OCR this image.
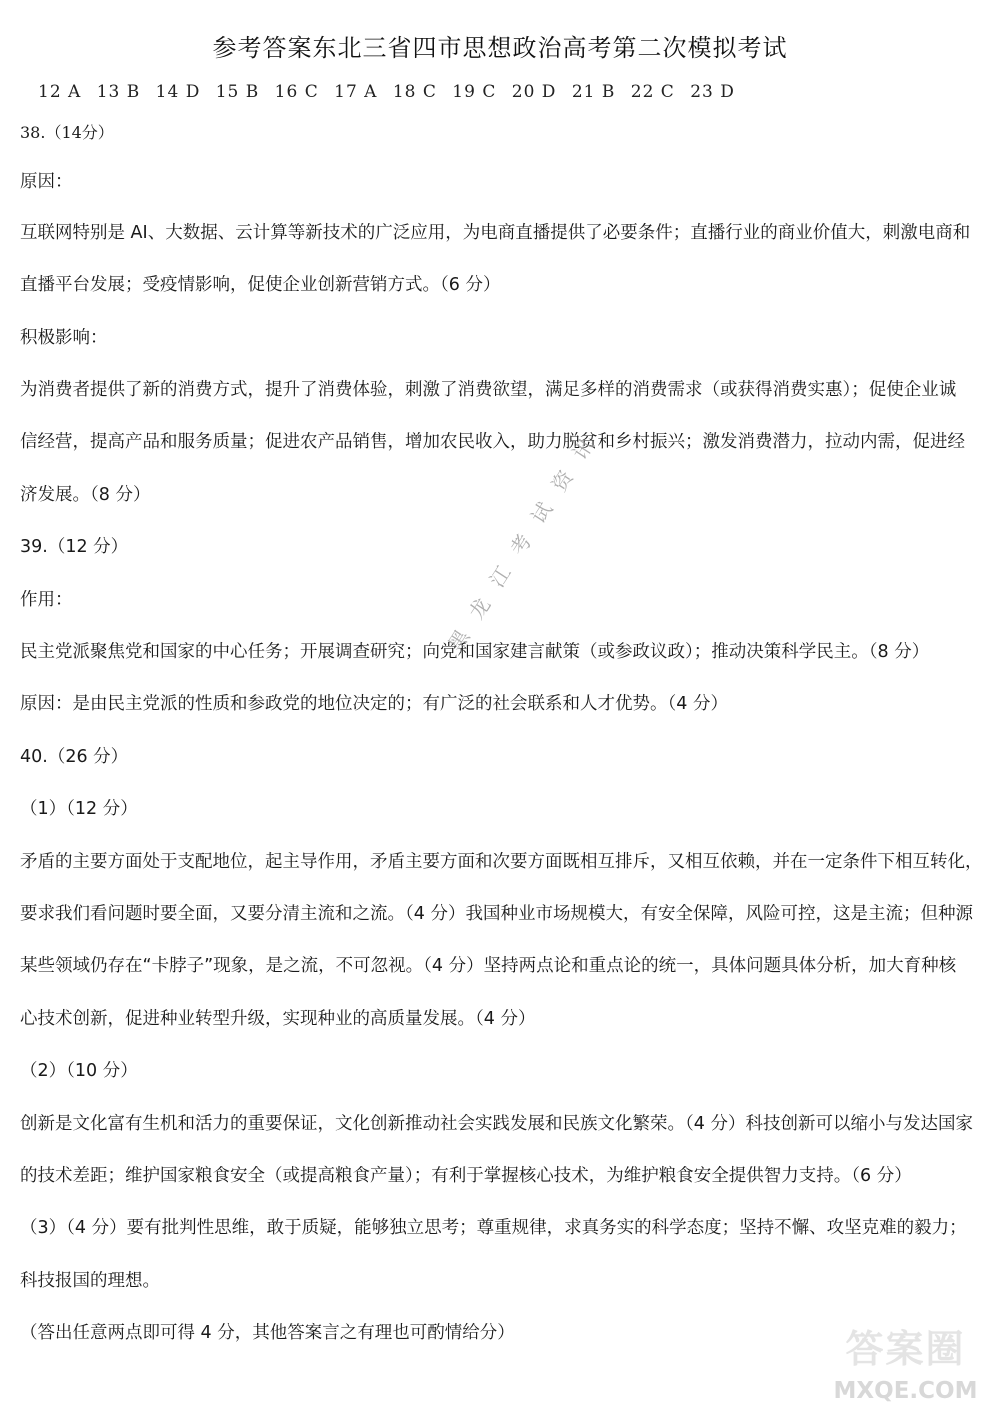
参考答案东北三省四市思想政治高考第二次模拟考试
12 A 13 B 14 D 15 B 16 C 17 A 18 C 19 C 20 D 21 B 22 C 23 D
38.（14分）
原因：
互联网特别是 AI、大数据、云计算等新技术的广泛应用，为电商直播提供了必要条件；直播行业的商业价值大，刺激电商和
直播平台发展；受疫情影响，促使企业创新营销方式。（6 分）
积极影响：
为消费者提供了新的消费方式，提升了消费体验，刺激了消费欲望，满足多样的消费需求（或获得消费实惠）；促使企业诚
信经营，提高产品和服务质量；促进农产品销售，增加农民收入，助力脱贫和乡村振兴；激发消费潜力，拉动内需，促进经
济发展。（8 分）
39.（12 分）
作用：
民主党派聚焦党和国家的中心任务；开展调查研究；向党和国家建言献策（或参政议政）；推动决策科学民主。（8 分）
原因：是由民主党派的性质和参政党的地位决定的；有广泛的社会联系和人才优势。（4 分）
40.（26 分）
（1）（12 分）
矛盾的主要方面处于支配地位，起主导作用，矛盾主要方面和次要方面既相互排斥，又相互依赖，并在一定条件下相互转化，
要求我们看问题时要全面，又要分清主流和之流。（4 分）我国种业市场规模大，有安全保障，风险可控，这是主流；但种源
某些领域仍存在“卡脖子”现象，是之流，不可忽视。（4 分）坚持两点论和重点论的统一，具体问题具体分析，加大育种核
心技术创新，促进种业转型升级，实现种业的高质量发展。（4 分）
（2）（10 分）
创新是文化富有生机和活力的重要保证，文化创新推动社会实践发展和民族文化繁荣。（4 分）科技创新可以缩小与发达国家
的技术差距；维护国家粮食安全（或提高粮食产量）；有利于掌握核心技术，为维护粮食安全提供智力支持。（6 分）
（3）（4 分）要有批判性思维，敢于质疑，能够独立思考；尊重规律，求真务实的科学态度；坚持不懈、攻坚克难的毅力；
科技报国的理想。
（答出任意两点即可得 4 分，其他答案言之有理也可酌情给分）
黑龙江考试资讯
答案圈
MXQE.COM
